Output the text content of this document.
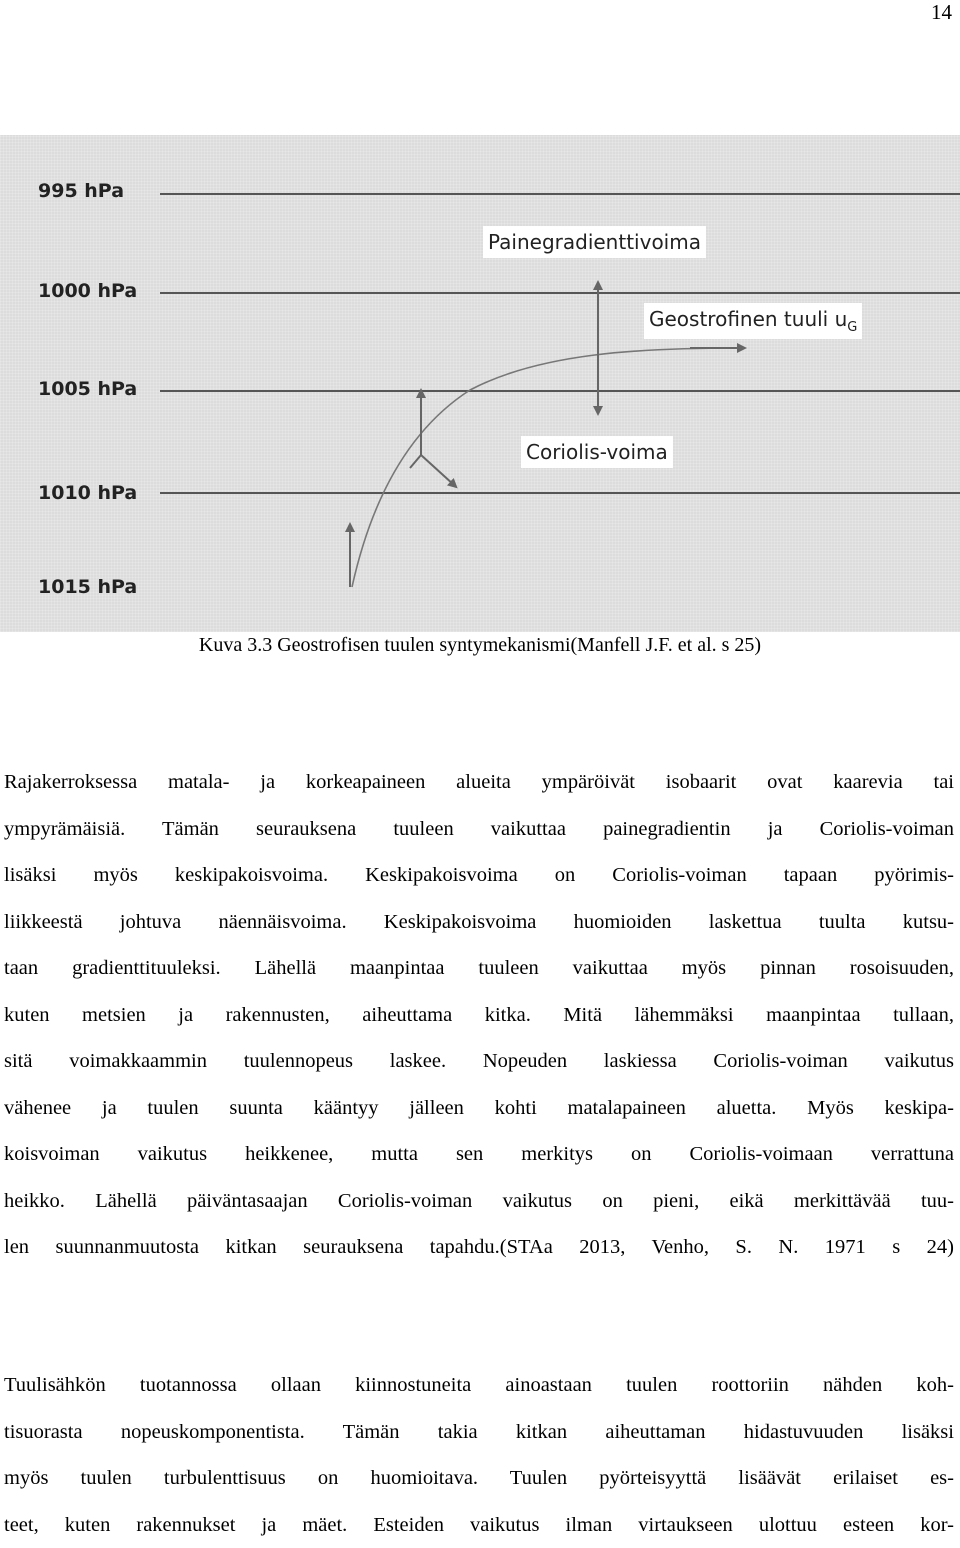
14
995 hPa
1000 hPa
1005 hPa
1010 hPa
1015 hPa
Painegradienttivoima
Geostrofinen tuuli $u_G$
Coriolis-voima
Kuva 3.3 Geostrofisen tuulen syntymekanismi(Manfell J.F. et al. s 25)
Rajakerroksessa matala- ja korkeapaineen alueita ympäröivät isobaarit ovat kaarevia tai
ympyrämäisiä. Tämän seurauksena tuuleen vaikuttaa painegradientin ja Coriolis-voiman
lisäksi myös keskipakoisvoima. Keskipakoisvoima on Coriolis-voiman tapaan pyörimis-
liikkeestä johtuva näennäisvoima. Keskipakoisvoima huomioiden laskettua tuulta kutsu-
taan gradienttituuleksi. Lähellä maanpintaa tuuleen vaikuttaa myös pinnan rosoisuuden,
kuten metsien ja rakennusten, aiheuttama kitka. Mitä lähemmäksi maanpintaa tullaan,
sitä voimakkaammin tuulennopeus laskee. Nopeuden laskiessa Coriolis-voiman vaikutus
vähenee ja tuulen suunta kääntyy jälleen kohti matalapaineen aluetta. Myös keskipa-
koisvoiman vaikutus heikkenee, mutta sen merkitys on Coriolis-voimaan verrattuna
heikko. Lähellä päiväntasaajan Coriolis-voiman vaikutus on pieni, eikä merkittävää tuu-
len suunnanmuutosta kitkan seurauksena tapahdu.(STAa 2013, Venho, S. N. 1971 s 24)
Tuulisähkön tuotannossa ollaan kiinnostuneita ainoastaan tuulen roottoriin nähden koh-
tisuorasta nopeuskomponentista. Tämän takia kitkan aiheuttaman hidastuvuuden lisäksi
myös tuulen turbulenttisuus on huomioitava. Tuulen pyörteisyyttä lisäävät erilaiset es-
teet, kuten rakennukset ja mäet. Esteiden vaikutus ilman virtaukseen ulottuu esteen kor-
